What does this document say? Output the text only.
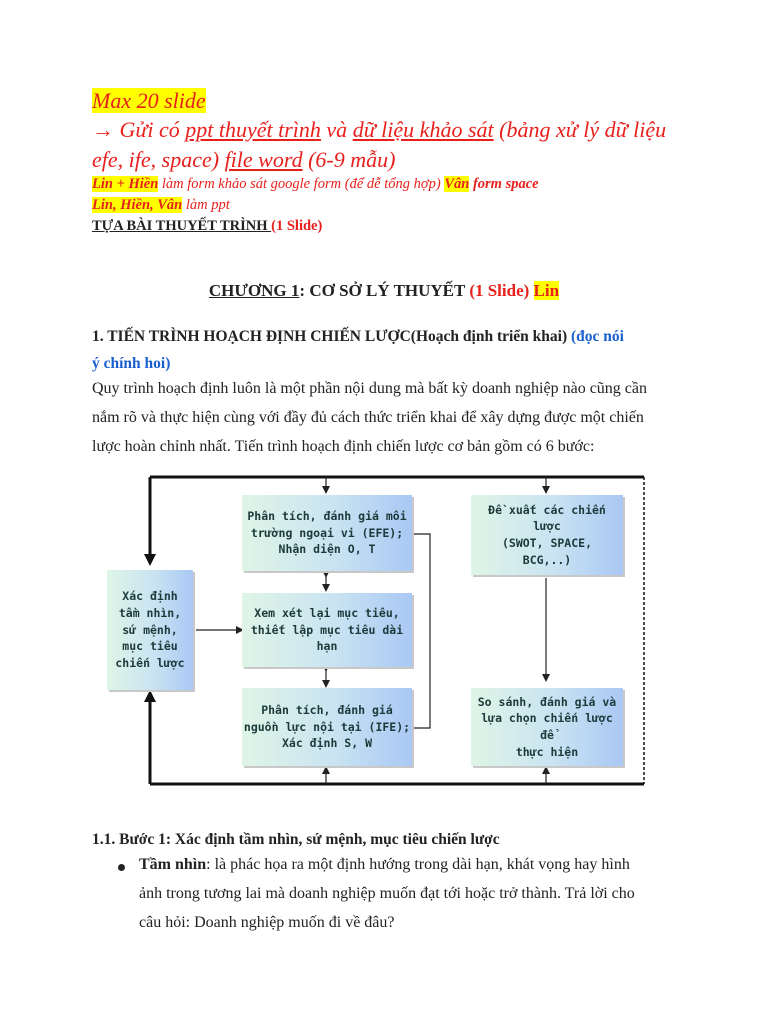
Max 20 slide
→ Gửi có ppt thuyết trình và dữ liệu khảo sát (bảng xử lý dữ liệu
efe, ife, space) file word (6-9 mẫu)
Lin + Hiền làm form khảo sát google form (để dễ tổng hợp) Vân form space
Lin, Hiền, Vân làm ppt
TỰA BÀI THUYẾT TRÌNH (1 Slide)
CHƯƠNG 1: CƠ SỞ LÝ THUYẾT (1 Slide) Lin
1. TIẾN TRÌNH HOẠCH ĐỊNH CHIẾN LƯỢC(Hoạch định triển khai) (đọc nói
ý chính hoi)
Quy trình hoạch định luôn là một phần nội dung mà bất kỳ doanh nghiệp nào cũng cần
nắm rõ và thực hiện cùng với đầy đủ cách thức triển khai để xây dựng được một chiến
lược hoàn chỉnh nhất. Tiến trình hoạch định chiến lược cơ bản gồm có 6 bước:
Xác định
tầm nhìn,
sứ mệnh,
mục tiêu
chiến lược
Phân tích, đánh giá môi
trường ngoại vi (EFE);
Nhận diện O, T
Xem xét lại mục tiêu,
thiết lập mục tiêu dài
hạn
Phân tích, đánh giá
nguồn lực nội tại (IFE);
Xác định S, W
Đề xuất các chiến lược
(SWOT, SPACE,
BCG,..)
So sánh, đánh giá và
lựa chọn chiến lược để
thực hiện
1.1. Bước 1: Xác định tầm nhìn, sứ mệnh, mục tiêu chiến lược
Tầm nhìn: là phác họa ra một định hướng trong dài hạn, khát vọng hay hình
ảnh trong tương lai mà doanh nghiệp muốn đạt tới hoặc trở thành. Trả lời cho
câu hỏi: Doanh nghiệp muốn đi về đâu?
